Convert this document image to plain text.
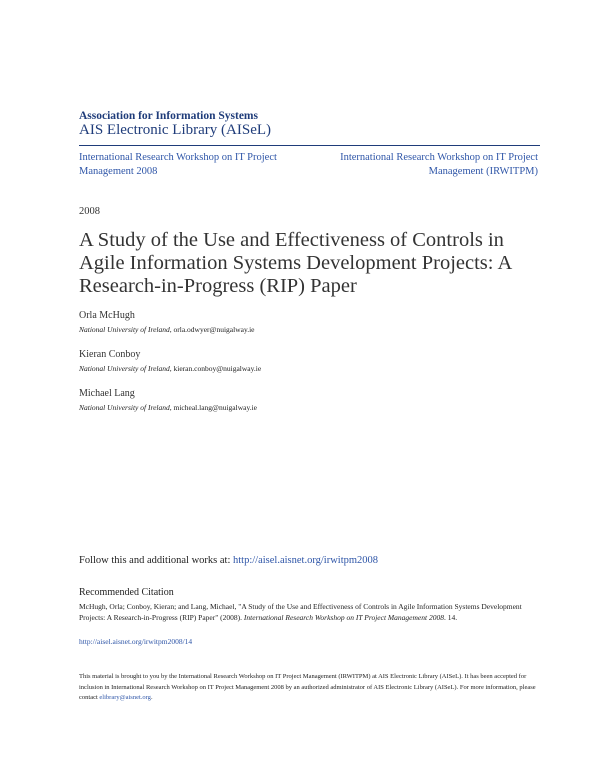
Association for Information Systems
AIS Electronic Library (AISeL)
International Research Workshop on IT Project Management 2008
International Research Workshop on IT Project Management (IRWITPM)
2008
A Study of the Use and Effectiveness of Controls in Agile Information Systems Development Projects: A Research-in-Progress (RIP) Paper
Orla McHugh
National University of Ireland, orla.odwyer@nuigalway.ie
Kieran Conboy
National University of Ireland, kieran.conboy@nuigalway.ie
Michael Lang
National University of Ireland, micheal.lang@nuigalway.ie
Follow this and additional works at: http://aisel.aisnet.org/irwitpm2008
Recommended Citation
McHugh, Orla; Conboy, Kieran; and Lang, Michael, "A Study of the Use and Effectiveness of Controls in Agile Information Systems Development Projects: A Research-in-Progress (RIP) Paper" (2008). International Research Workshop on IT Project Management 2008. 14.
http://aisel.aisnet.org/irwitpm2008/14
This material is brought to you by the International Research Workshop on IT Project Management (IRWITPM) at AIS Electronic Library (AISeL). It has been accepted for inclusion in International Research Workshop on IT Project Management 2008 by an authorized administrator of AIS Electronic Library (AISeL). For more information, please contact elibrary@aisnet.org.
